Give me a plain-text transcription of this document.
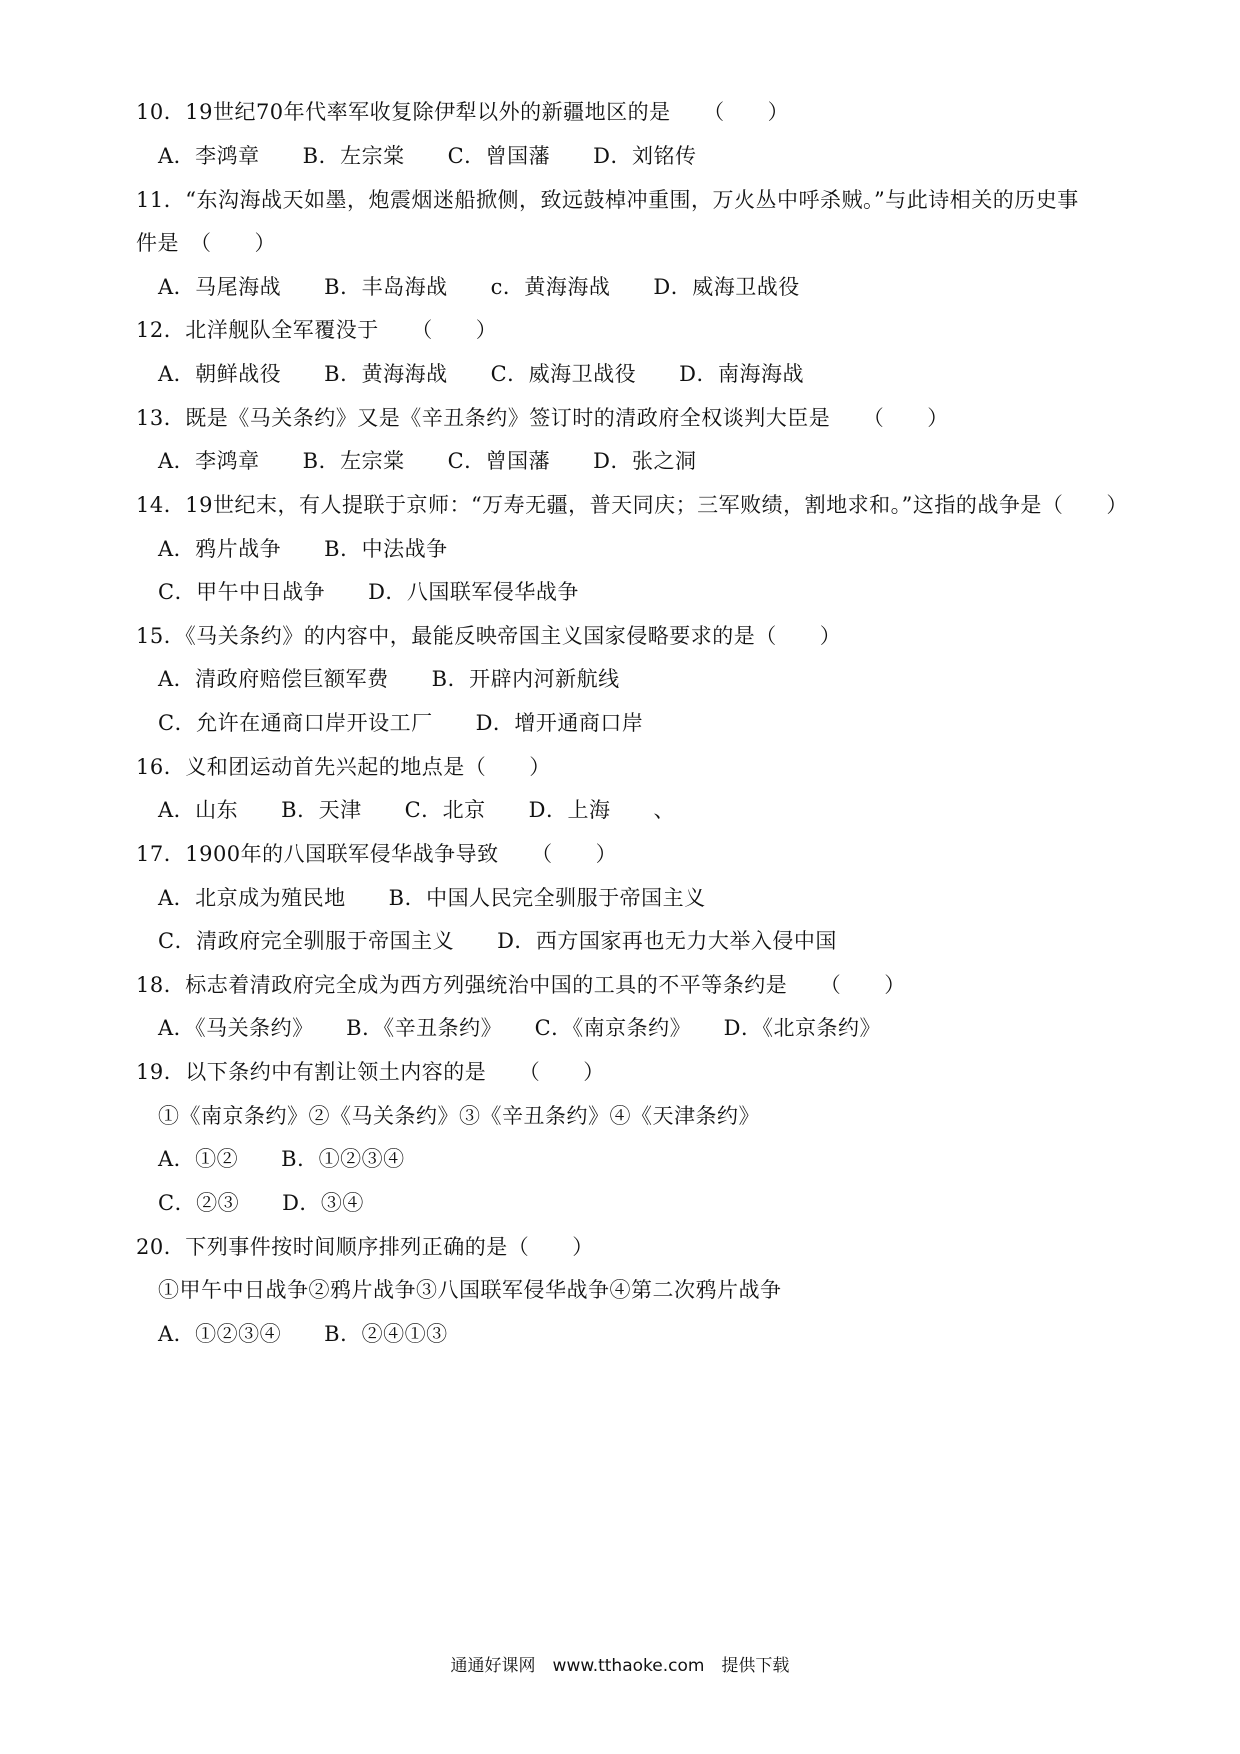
10．19世纪70年代率军收复除伊犁以外的新疆地区的是　　（　　）
A．李鸿章　　B．左宗棠　　C．曾国藩　　D．刘铭传
11．“东沟海战天如墨，炮震烟迷船掀侧，致远鼓棹冲重围，万火丛中呼杀贼。”与此诗相关的历史事
件是　（　　）
A．马尾海战　　B．丰岛海战　　c．黄海海战　　D．威海卫战役
12．北洋舰队全军覆没于　　（　　）
A．朝鲜战役　　B．黄海海战　　C．威海卫战役　　D．南海海战
13．既是《马关条约》又是《辛丑条约》签订时的清政府全权谈判大臣是　　（　　）
A．李鸿章　　B．左宗棠　　C．曾国藩　　D．张之洞
14．19世纪末，有人提联于京师：“万寿无疆，普天同庆；三军败绩，割地求和。”这指的战争是（　　）
A．鸦片战争　　B．中法战争
C．甲午中日战争　　D．八国联军侵华战争
15．《马关条约》的内容中，最能反映帝国主义国家侵略要求的是（　　）
A．清政府赔偿巨额军费　　B．开辟内河新航线
C．允许在通商口岸开设工厂　　D．增开通商口岸
16．义和团运动首先兴起的地点是（　　）
A．山东　　B．天津　　C．北京　　D．上海　　、
17．1900年的八国联军侵华战争导致　　（　　）
A．北京成为殖民地　　B．中国人民完全驯服于帝国主义
C．清政府完全驯服于帝国主义　　D．西方国家再也无力大举入侵中国
18．标志着清政府完全成为西方列强统治中国的工具的不平等条约是　　（　　）
A．《马关条约》　　B．《辛丑条约》　　C．《南京条约》　　D．《北京条约》
19．以下条约中有割让领土内容的是　　（　　）
①《南京条约》②《马关条约》③《辛丑条约》④《天津条约》
A．①②　　B．①②③④
C．②③　　D．③④
20．下列事件按时间顺序排列正确的是（　　）
①甲午中日战争②鸦片战争③八国联军侵华战争④第二次鸦片战争
A．①②③④　　B．②④①③
通通好课网　www.tthaoke.com　提供下载
